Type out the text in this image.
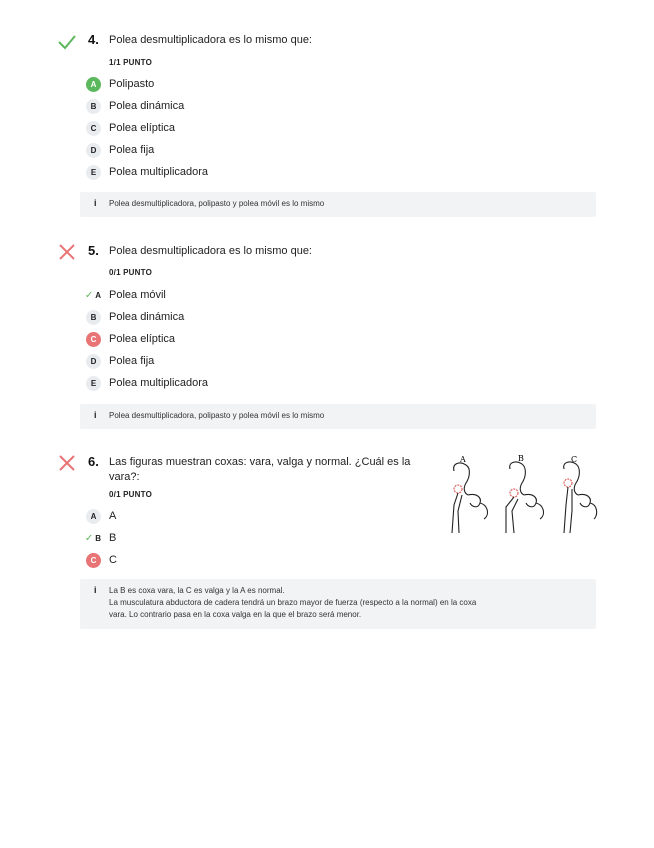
4. Polea desmultiplicadora es lo mismo que:
1/1 PUNTO
A	Polipasto
B	Polea dinámica
C	Polea elíptica
D	Polea fija
E	Polea multiplicadora
i Polea desmultiplicadora, polipasto y polea móvil es lo mismo
5. Polea desmultiplicadora es lo mismo que:
0/1 PUNTO
✓ A Polea móvil
B	Polea dinámica
C	Polea elíptica
D	Polea fija
E	Polea multiplicadora
i Polea desmultiplicadora, polipasto y polea móvil es lo mismo
6. Las figuras muestran coxas: vara, valga y normal. ¿Cuál es la
vara?:
0/1 PUNTO
A	B	C
A	A
✓ B B
C	C
i La B es coxa vara, la C es valga y la A es normal.
La musculatura abductora de cadera tendrá un brazo mayor de fuerza (respecto a la normal) en la coxa
vara. Lo contrario pasa en la coxa valga en la que el brazo será menor.
